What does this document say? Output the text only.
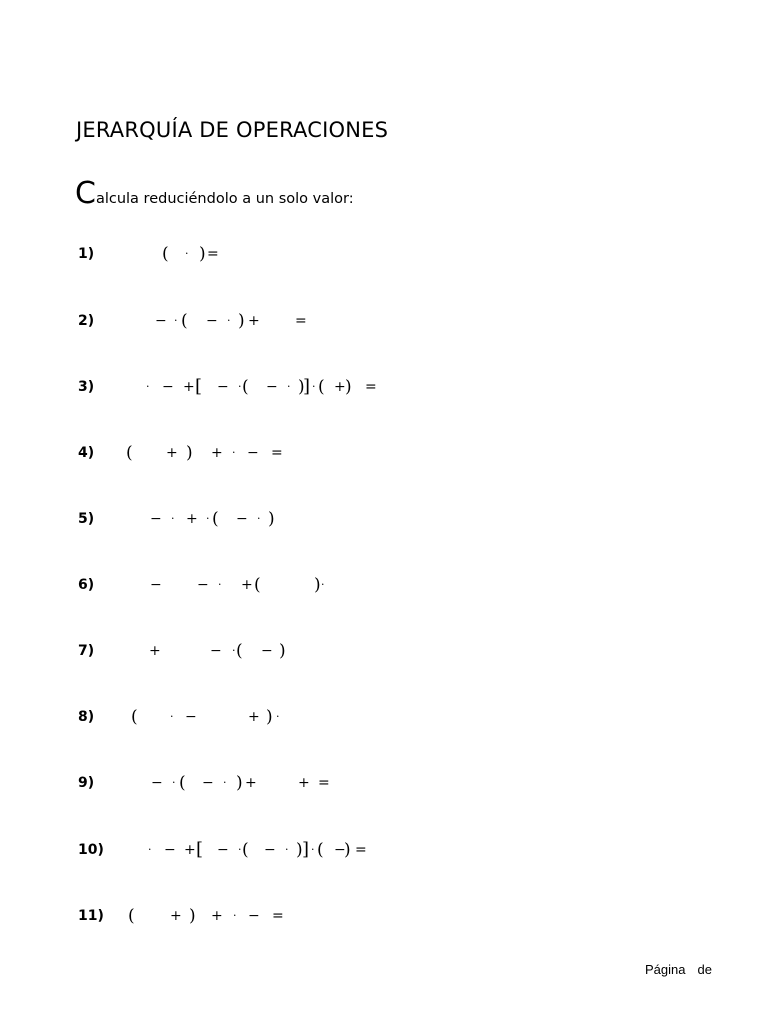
JERARQUÍA DE OPERACIONES
Calcula reduciéndolo a un solo valor:
1)	( · ) =
2)	− · ( − · ) +	=
3)	· − + [ − · ( − · )
] · ( + ) =
4) ( + ) + · − =
5)	− · + · ( − · )
6)	−	− · + (	) ·
7)	+	− · ( − )
8) (	· −	+ ) ·
9)	− · ( − · ) +	+ =
10)	· − + [ − · ( − · ) ] · ( −
) =
11) (	+ ) + · − =
Página de
